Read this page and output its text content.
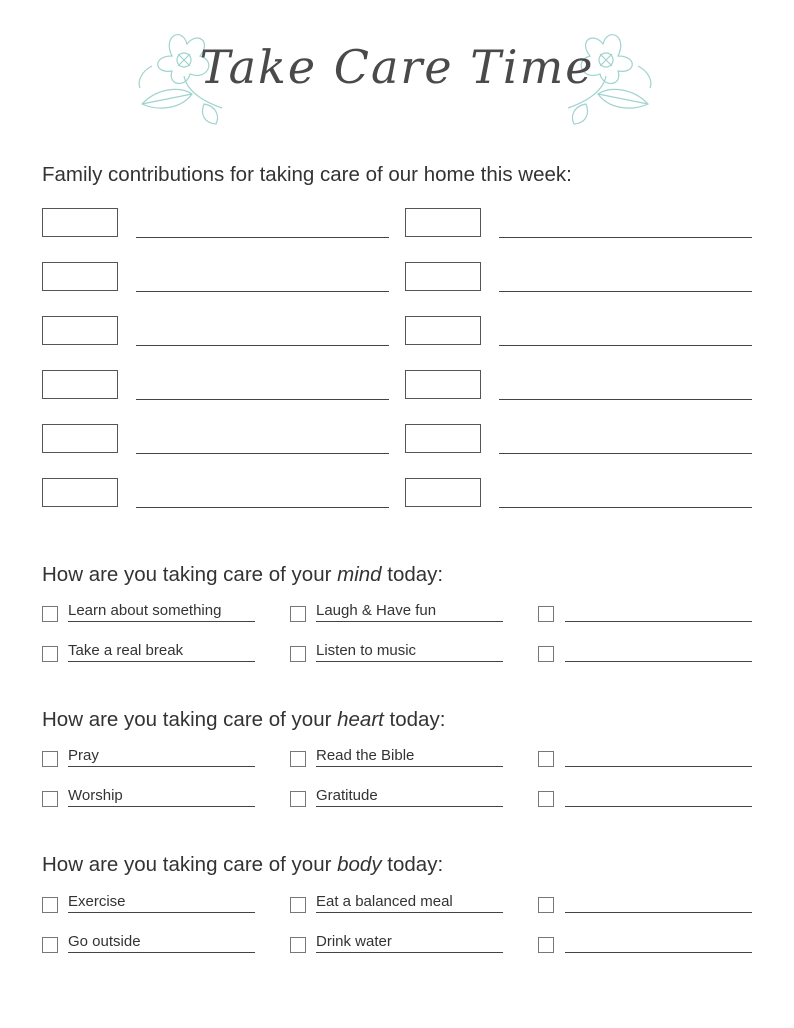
Take Care Time
Family contributions for taking care of our home this week:
How are you taking care of your mind today:
How are you taking care of your heart today:
How are you taking care of your body today:
Learn about something	Laugh & Have fun
Take a real break	Listen to music
Pray	Read the Bible
Worship	Gratitude
Exercise	Eat a balanced meal
Go outside	Drink water
